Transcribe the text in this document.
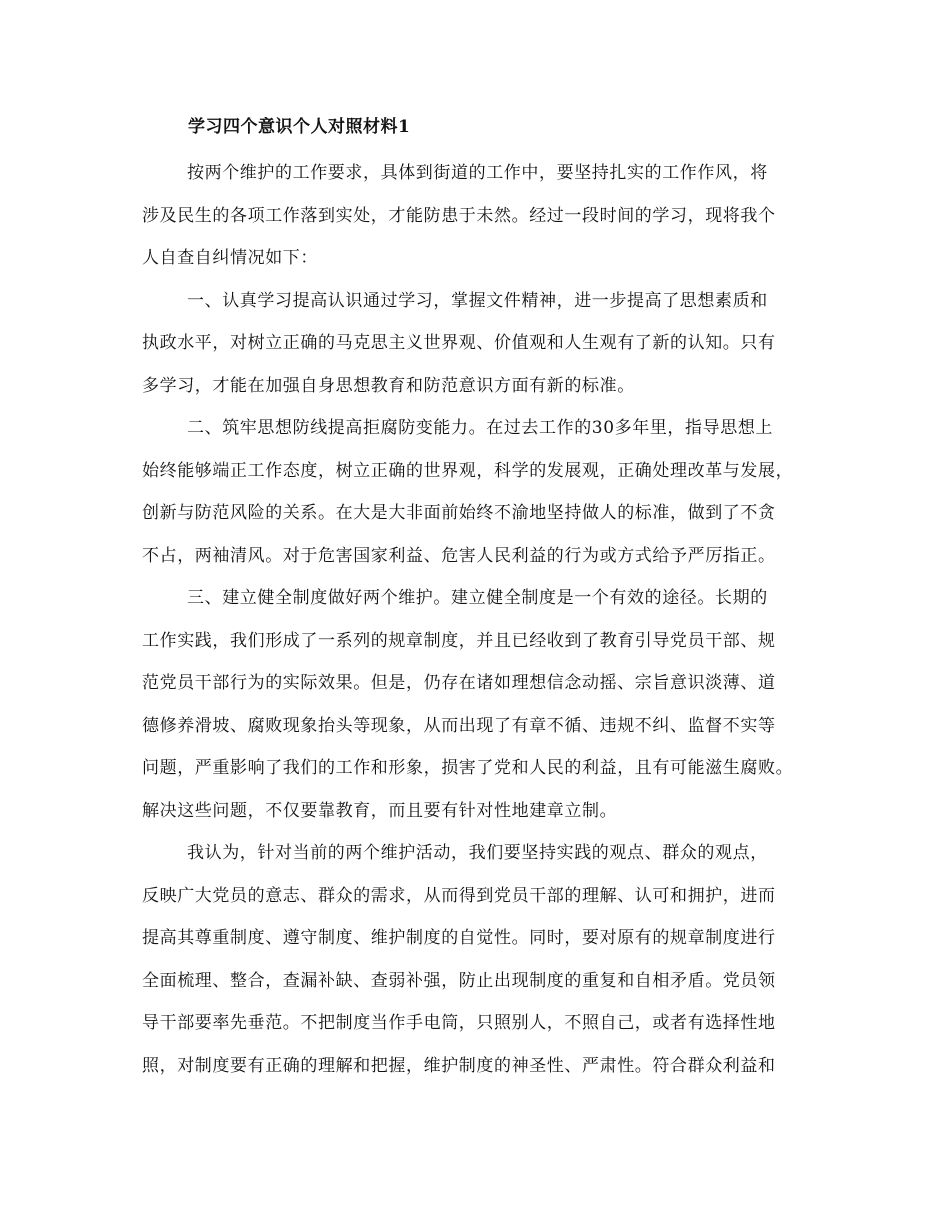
学习四个意识个人对照材料1
按两个维护的工作要求，具体到街道的工作中，要坚持扎实的工作作风，将
涉及民生的各项工作落到实处，才能防患于未然。经过一段时间的学习，现将我个
人自查自纠情况如下：
一、认真学习提高认识通过学习，掌握文件精神，进一步提高了思想素质和
执政水平，对树立正确的马克思主义世界观、价值观和人生观有了新的认知。只有
多学习，才能在加强自身思想教育和防范意识方面有新的标准。
二、筑牢思想防线提高拒腐防变能力。在过去工作的30多年里，指导思想上
始终能够端正工作态度，树立正确的世界观，科学的发展观，正确处理改革与发展，
创新与防范风险的关系。在大是大非面前始终不渝地坚持做人的标准，做到了不贪
不占，两袖清风。对于危害国家利益、危害人民利益的行为或方式给予严厉指正。
三、建立健全制度做好两个维护。建立健全制度是一个有效的途径。长期的
工作实践，我们形成了一系列的规章制度，并且已经收到了教育引导党员干部、规
范党员干部行为的实际效果。但是，仍存在诸如理想信念动摇、宗旨意识淡薄、道
德修养滑坡、腐败现象抬头等现象，从而出现了有章不循、违规不纠、监督不实等
问题，严重影响了我们的工作和形象，损害了党和人民的利益，且有可能滋生腐败。
解决这些问题，不仅要靠教育，而且要有针对性地建章立制。
我认为，针对当前的两个维护活动，我们要坚持实践的观点、群众的观点，
反映广大党员的意志、群众的需求，从而得到党员干部的理解、认可和拥护，进而
提高其尊重制度、遵守制度、维护制度的自觉性。同时，要对原有的规章制度进行
全面梳理、整合，查漏补缺、查弱补强，防止出现制度的重复和自相矛盾。党员领
导干部要率先垂范。不把制度当作手电筒，只照别人，不照自己，或者有选择性地
照，对制度要有正确的理解和把握，维护制度的神圣性、严肃性。符合群众利益和
